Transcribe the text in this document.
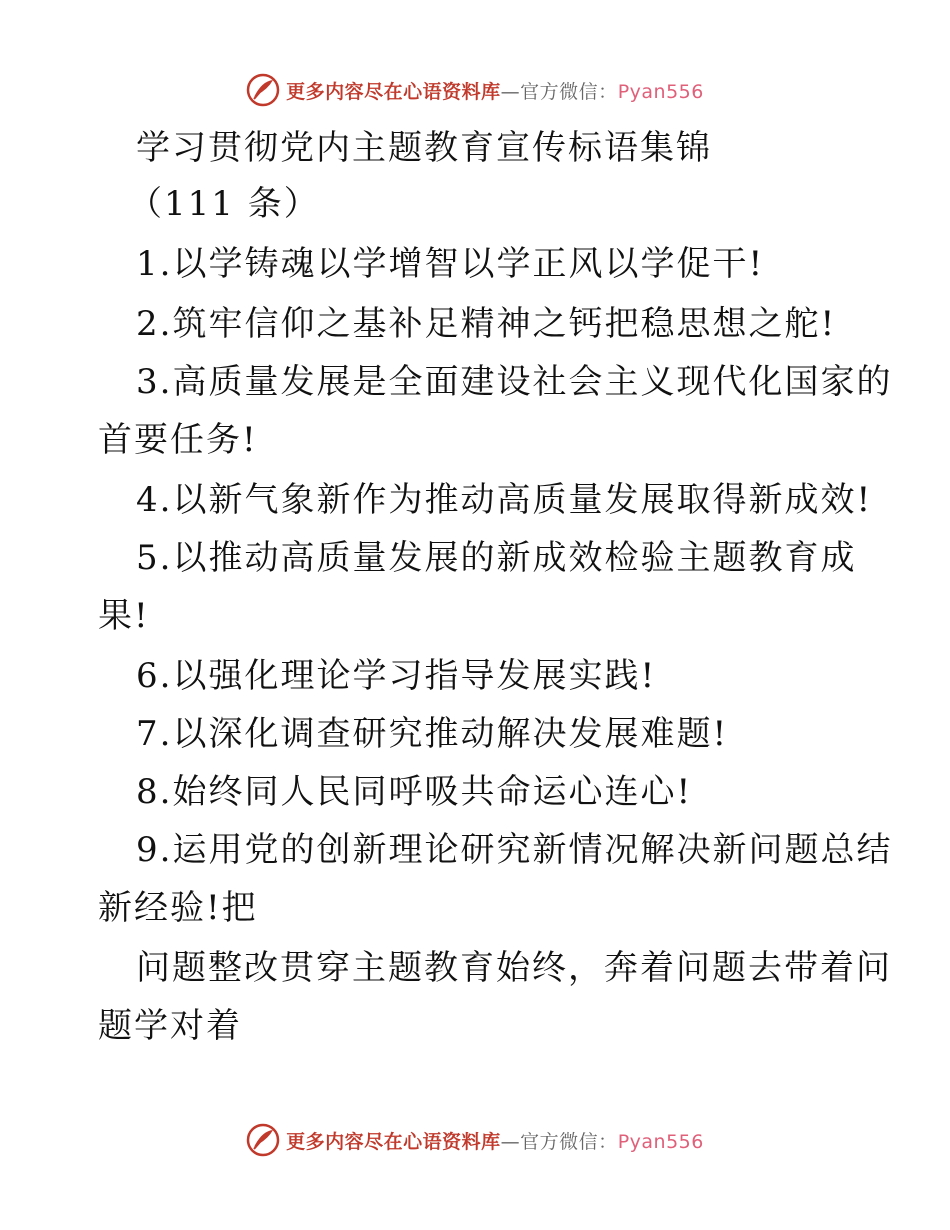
更多内容尽在心语资料库—官方微信：Pyan556
学习贯彻党内主题教育宣传标语集锦
（111 条）
1.以学铸魂以学增智以学正风以学促干!
2.筑牢信仰之基补足精神之钙把稳思想之舵!
3.高质量发展是全面建设社会主义现代化国家的
首要任务!
4.以新气象新作为推动高质量发展取得新成效!
5.以推动高质量发展的新成效检验主题教育成
果!
6.以强化理论学习指导发展实践!
7.以深化调查研究推动解决发展难题!
8.始终同人民同呼吸共命运心连心!
9.运用党的创新理论研究新情况解决新问题总结
新经验!把
问题整改贯穿主题教育始终，奔着问题去带着问
题学对着
更多内容尽在心语资料库—官方微信：Pyan556
